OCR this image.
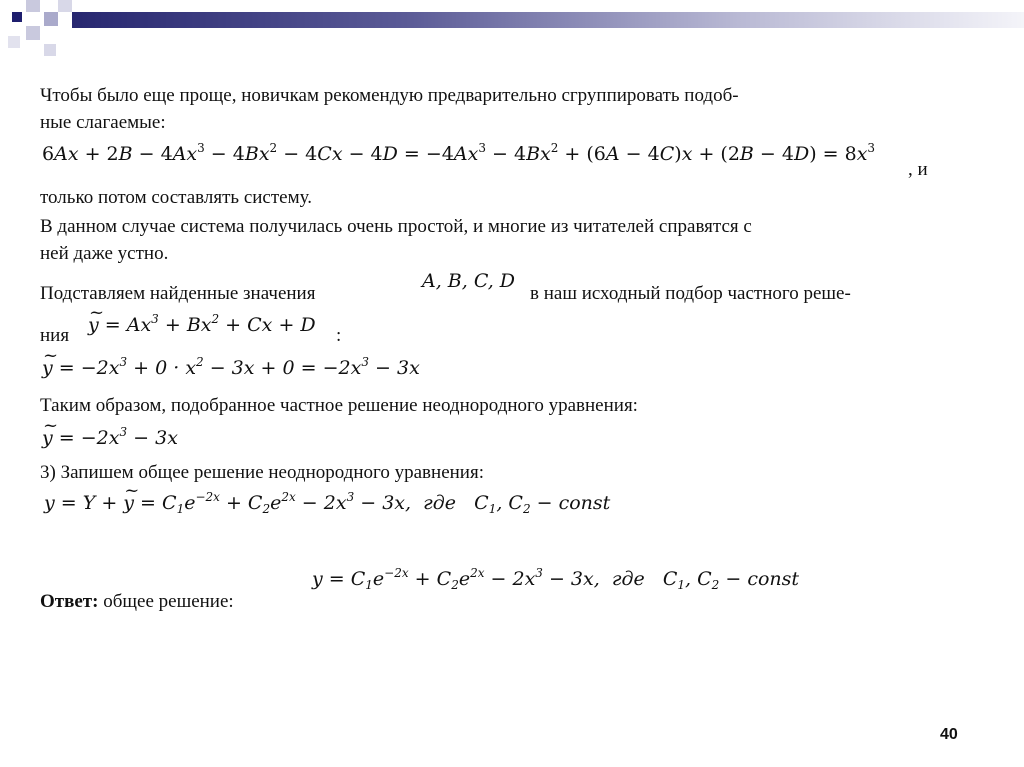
Чтобы было еще проще, новичкам рекомендую предварительно сгруппировать подоб-
ные слагаемые:
$6Ax + 2B - 4Ax^3 - 4Bx^2 - 4Cx - 4D = -4Ax^3 - 4Bx^2 + (6A - 4C)x + (2B - 4D) = 8x^3$
, и
только потом составлять систему.
В данном случае система получилась очень простой, и многие из читателей справятся с
ней даже устно.
Подставляем найденные значения
A, B, C, D
в наш исходный подбор частного реше-
ния
~ $y = Ax^3 + Bx^2 + Cx + D$ :
~ $y = -2x^3 + 0 \cdot x^2 - 3x + 0 = -2x^3 - 3x$
Таким образом, подобранное частное решение неоднородного уравнения:
~ $y = -2x^3 - 3x$
3) Запишем общее решение неоднородного уравнения:
y = Y + ~ $y = C_1e^{-2x} + C_2e^{2x} - 2x^3 - 3x$,  где   $C_1$, $C_2$ − const
Ответ: общее решение:
$y = C_1e^{-2x} + C_2e^{2x} - 2x^3 - 3x$,  где   $C_1$, $C_2$ − const
40
